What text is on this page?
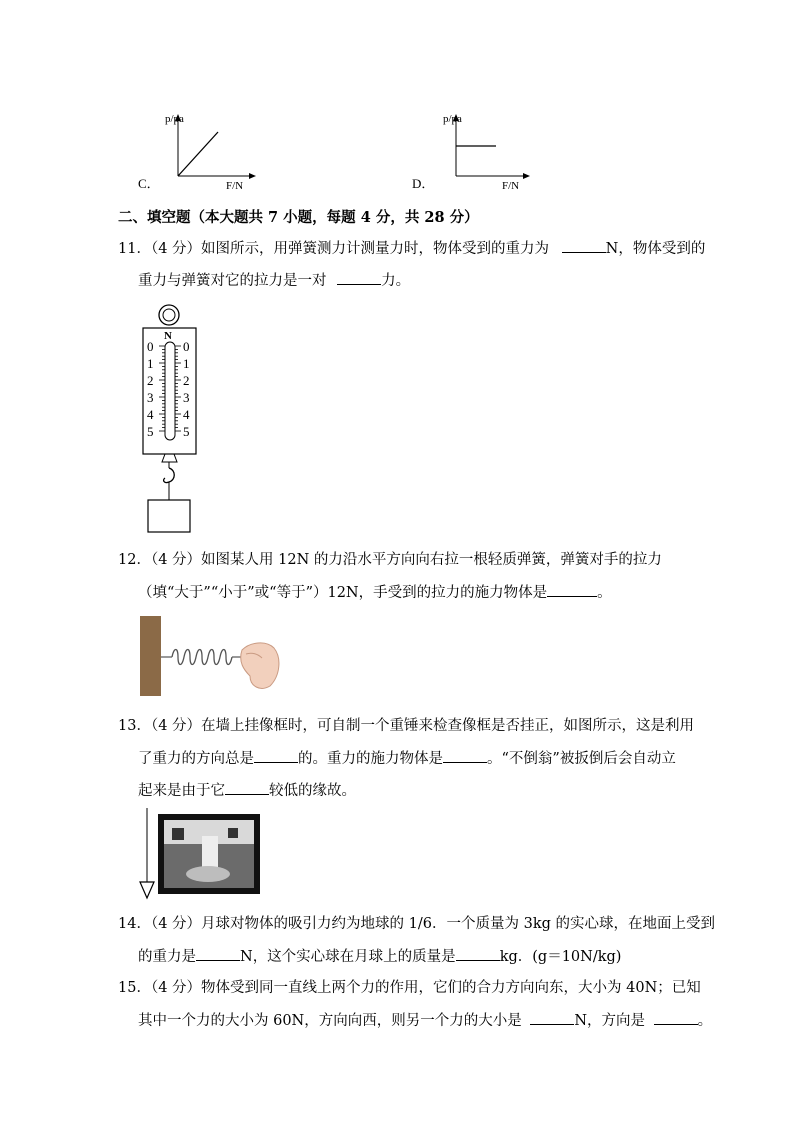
p/pa
F/N
C．
p/pa
F/N
D．
二、填空题（本大题共 7 小题，每题 4 分，共 28 分）
11．（4 分）如图所示，用弹簧测力计测量力时，物体受到的重力为	N，物体受到的
重力与弹簧对它的拉力是一对	力。
N
0
1
2
3
4
5
0
1
2
3
4
5
12．（4 分）如图某人用 12N 的力沿水平方向向右拉一根轻质弹簧，弹簧对手的拉力
（填“大于”“小于”或“等于”）12N，手受到的拉力的施力物体是	。
13．（4 分）在墙上挂像框时，可自制一个重锤来检查像框是否挂正，如图所示，这是利用
了重力的方向总是	的。重力的施力物体是	。“不倒翁”被扳倒后会自动立
起来是由于它	较低的缘故。
14．（4 分）月球对物体的吸引力约为地球的 1/6．一个质量为 3kg 的实心球，在地面上受到
的重力是	N，这个实心球在月球上的质量是	kg．(g＝10N/kg)
15．（4 分）物体受到同一直线上两个力的作用，它们的合力方向向东，大小为 40N；已知
其中一个力的大小为 60N，方向向西，则另一个力的大小是	N，方向是	。
